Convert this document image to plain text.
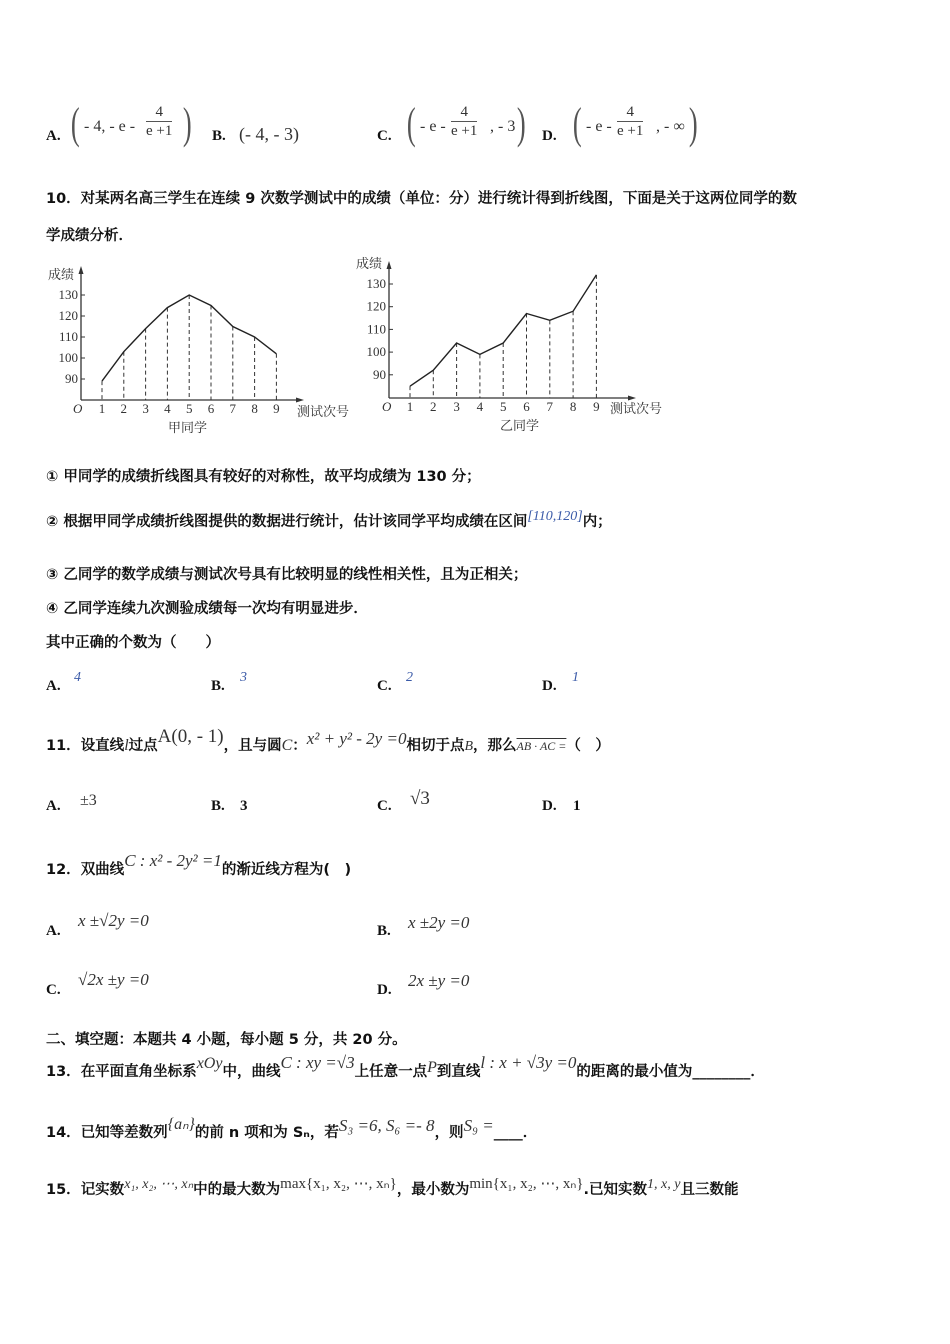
A. ( - 4, - e - $\frac{4}{e +1}$ ) B. (- 4, - 3)	C. ( - e - $\frac{4}{e +1}$ , - 3 ) D. ( - e - $\frac{4}{e +1}$ , - ∞ )
10．对某两名高三学生在连续 9 次数学测试中的成绩（单位：分）进行统计得到折线图，下面是关于这两位同学的数
学成绩分析．
90
100
110
120
130
1 2 3 4 5 6 7 8 9
成绩
O	测试次号
甲同学
90
100
110
120
130
1 2 3 4 5 6 7 8 9
成绩
O	测试次号
乙同学
① 甲同学的成绩折线图具有较好的对称性，故平均成绩为 130 分；
② 根据甲同学成绩折线图提供的数据进行统计，估计该同学平均成绩在区间[110,120]内；
③ 乙同学的数学成绩与测试次号具有比较明显的线性相关性，且为正相关；
④ 乙同学连续九次测验成绩每一次均有明显进步．
其中正确的个数为（　　）
A.
4
B.
3
C.
2
D.
1
11．设直线l过点A(0, - 1)，且与圆C：x² + y² - 2y =0相切于点B，那么AB · AC =（　）
A. ±3	B. 3	C. √3	D. 1
12．双曲线C : x² - 2y² =1的渐近线方程为(　)
A.
x ±√2y =0
B. x ±2y =0
C.
√2x ±y =0
D. 2x ±y =0
二、填空题：本题共 4 小题，每小题 5 分，共 20 分。
13．在平面直角坐标系xOy中，曲线C : xy =√3上任意一点P到直线l : x + √3y =0的距离的最小值为________．
14．已知等差数列{aₙ}的前 n 项和为 Sₙ，若S₃ =6, S₆ =- 8，则S₉ =____．
15．记实数x₁, x₂, ⋯, xₙ中的最大数为max{x₁, x₂, ⋯, xₙ}，最小数为min{x₁, x₂, ⋯, xₙ}.已知实数1, x, y且三数能
